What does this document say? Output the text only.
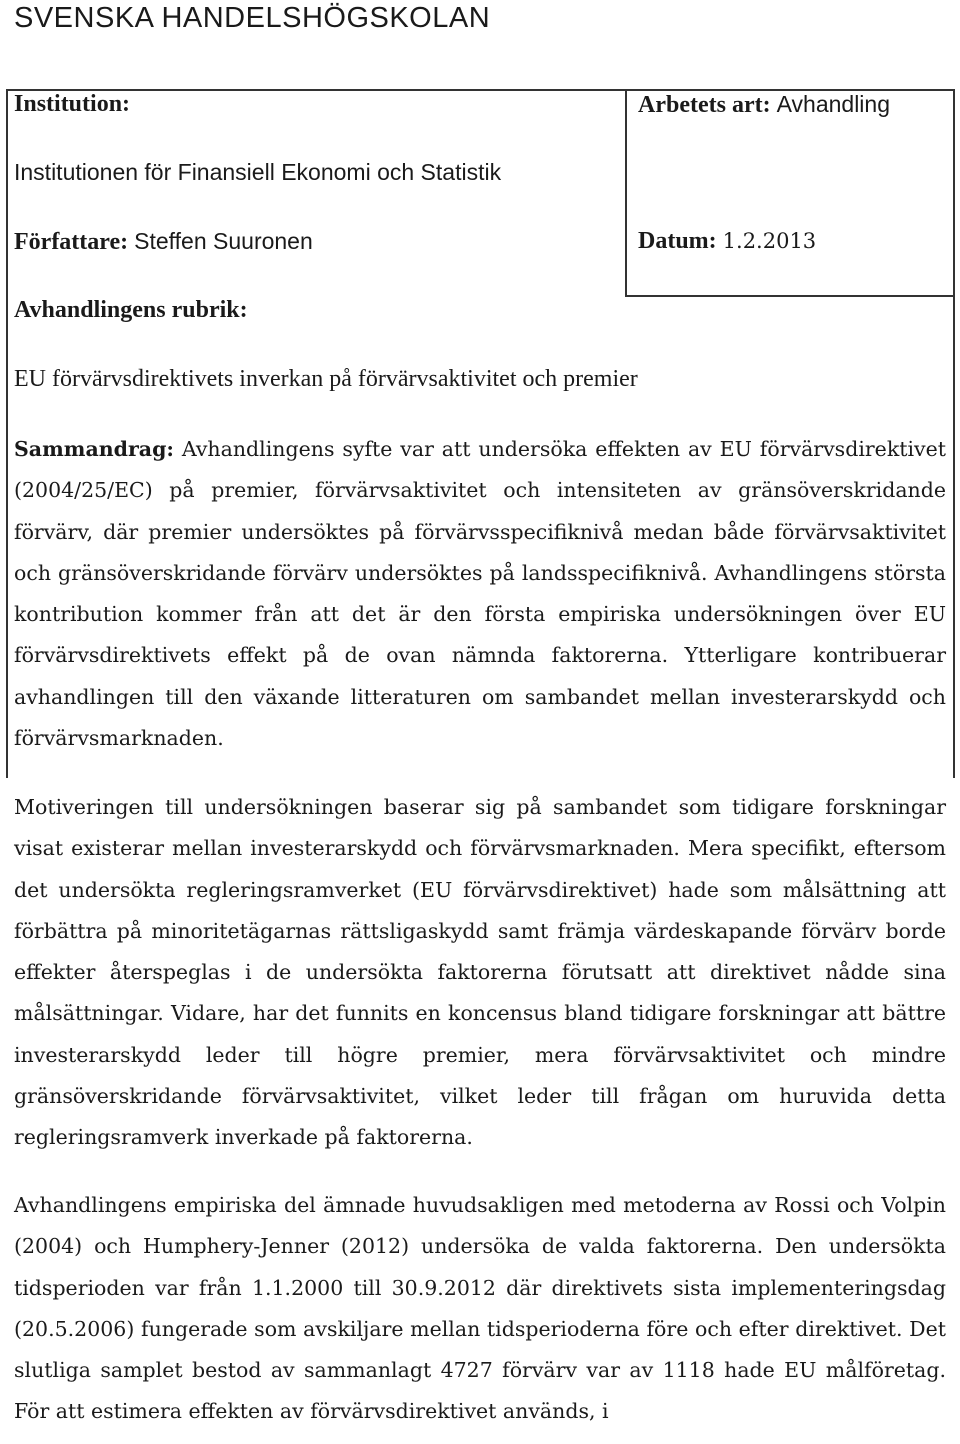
SVENSKA HANDELSHÖGSKOLAN
Institution:	Arbetets art: Avhandling
Institutionen för Finansiell Ekonomi och Statistik
Författare: Steffen Suuronen	Datum: 1.2.2013
Avhandlingens rubrik:
EU förvärvsdirektivets inverkan på förvärvsaktivitet och premier

Sammandrag: Avhandlingens syfte var att undersöka effekten av EU förvärvsdirektivet (2004/25/EC) på premier, förvärvsaktivitet och intensiteten av gränsöverskridande förvärv, där premier undersöktes på förvärvsspecifiknivå medan både förvärvsaktivitet och gränsöverskridande förvärv undersöktes på landsspecifiknivå. Avhandlingens största kontribution kommer från att det är den första empiriska undersökningen över EU förvärvsdirektivets effekt på de ovan nämnda faktorerna. Ytterligare kontribuerar avhandlingen till den växande litteraturen om sambandet mellan investerarskydd och förvärvsmarknaden.

Motiveringen till undersökningen baserar sig på sambandet som tidigare forskningar visat existerar mellan investerarskydd och förvärvsmarknaden. Mera specifikt, eftersom det undersökta regleringsramverket (EU förvärvsdirektivet) hade som målsättning att förbättra på minoritetägarnas rättsligaskydd samt främja värdeskapande förvärv borde effekter återspeglas i de undersökta faktorerna förutsatt att direktivet nådde sina målsättningar. Vidare, har det funnits en koncensus bland tidigare forskningar att bättre investerarskydd leder till högre premier, mera förvärvsaktivitet och mindre gränsöverskridande förvärvsaktivitet, vilket leder till frågan om huruvida detta regleringsramverk inverkade på faktorerna.

Avhandlingens empiriska del ämnade huvudsakligen med metoderna av Rossi och Volpin (2004) och Humphery-Jenner (2012) undersöka de valda faktorerna. Den undersökta tidsperioden var från 1.1.2000 till 30.9.2012 där direktivets sista implementeringsdag (20.5.2006) fungerade som avskiljare mellan tidsperioderna före och efter direktivet. Det slutliga samplet bestod av sammanlagt 4727 förvärv var av 1118 hade EU målföretag. För att estimera effekten av förvärvsdirektivet används, i
